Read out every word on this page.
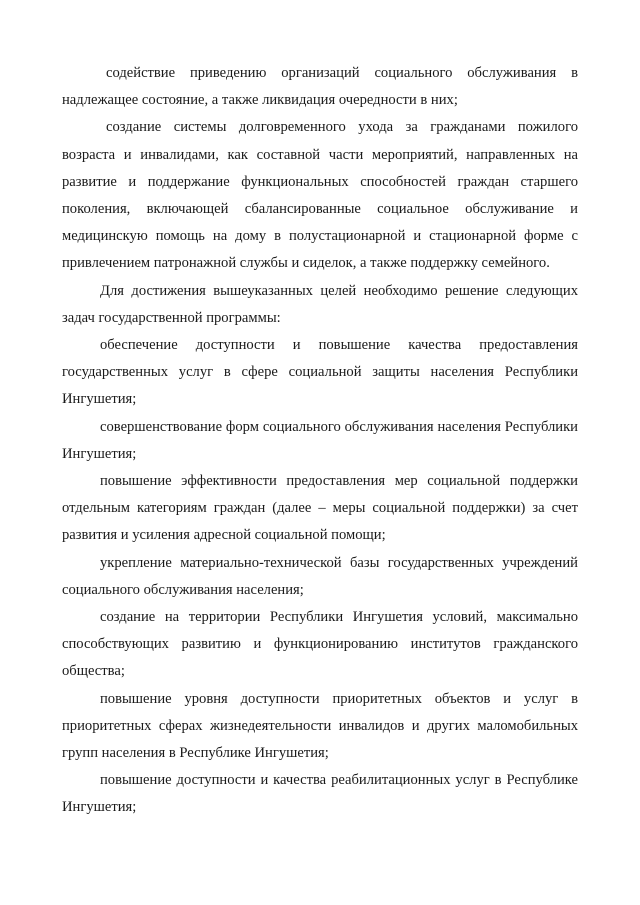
содействие приведению организаций социального обслуживания в надлежащее состояние, а также ликвидация очередности в них;

создание системы долговременного ухода за гражданами пожилого возраста и инвалидами, как составной части мероприятий, направленных на развитие и поддержание функциональных способностей граждан старшего поколения, включающей сбалансированные социальное обслуживание и медицинскую помощь на дому в полустационарной и стационарной форме с привлечением патронажной службы и сиделок, а также поддержку семейного.

Для достижения вышеуказанных целей необходимо решение следующих задач государственной программы:

обеспечение доступности и повышение качества предоставления государственных услуг в сфере социальной защиты населения Республики Ингушетия;

совершенствование форм социального обслуживания населения Республики Ингушетия;

повышение эффективности предоставления мер социальной поддержки отдельным категориям граждан (далее – меры социальной поддержки) за счет развития и усиления адресной социальной помощи;

укрепление материально-технической базы государственных учреждений социального обслуживания населения;

создание на территории Республики Ингушетия условий, максимально способствующих развитию и функционированию институтов гражданского общества;

повышение уровня доступности приоритетных объектов и услуг в приоритетных сферах жизнедеятельности инвалидов и других маломобильных групп населения в Республике Ингушетия;

повышение доступности и качества реабилитационных услуг в Республике Ингушетия;
